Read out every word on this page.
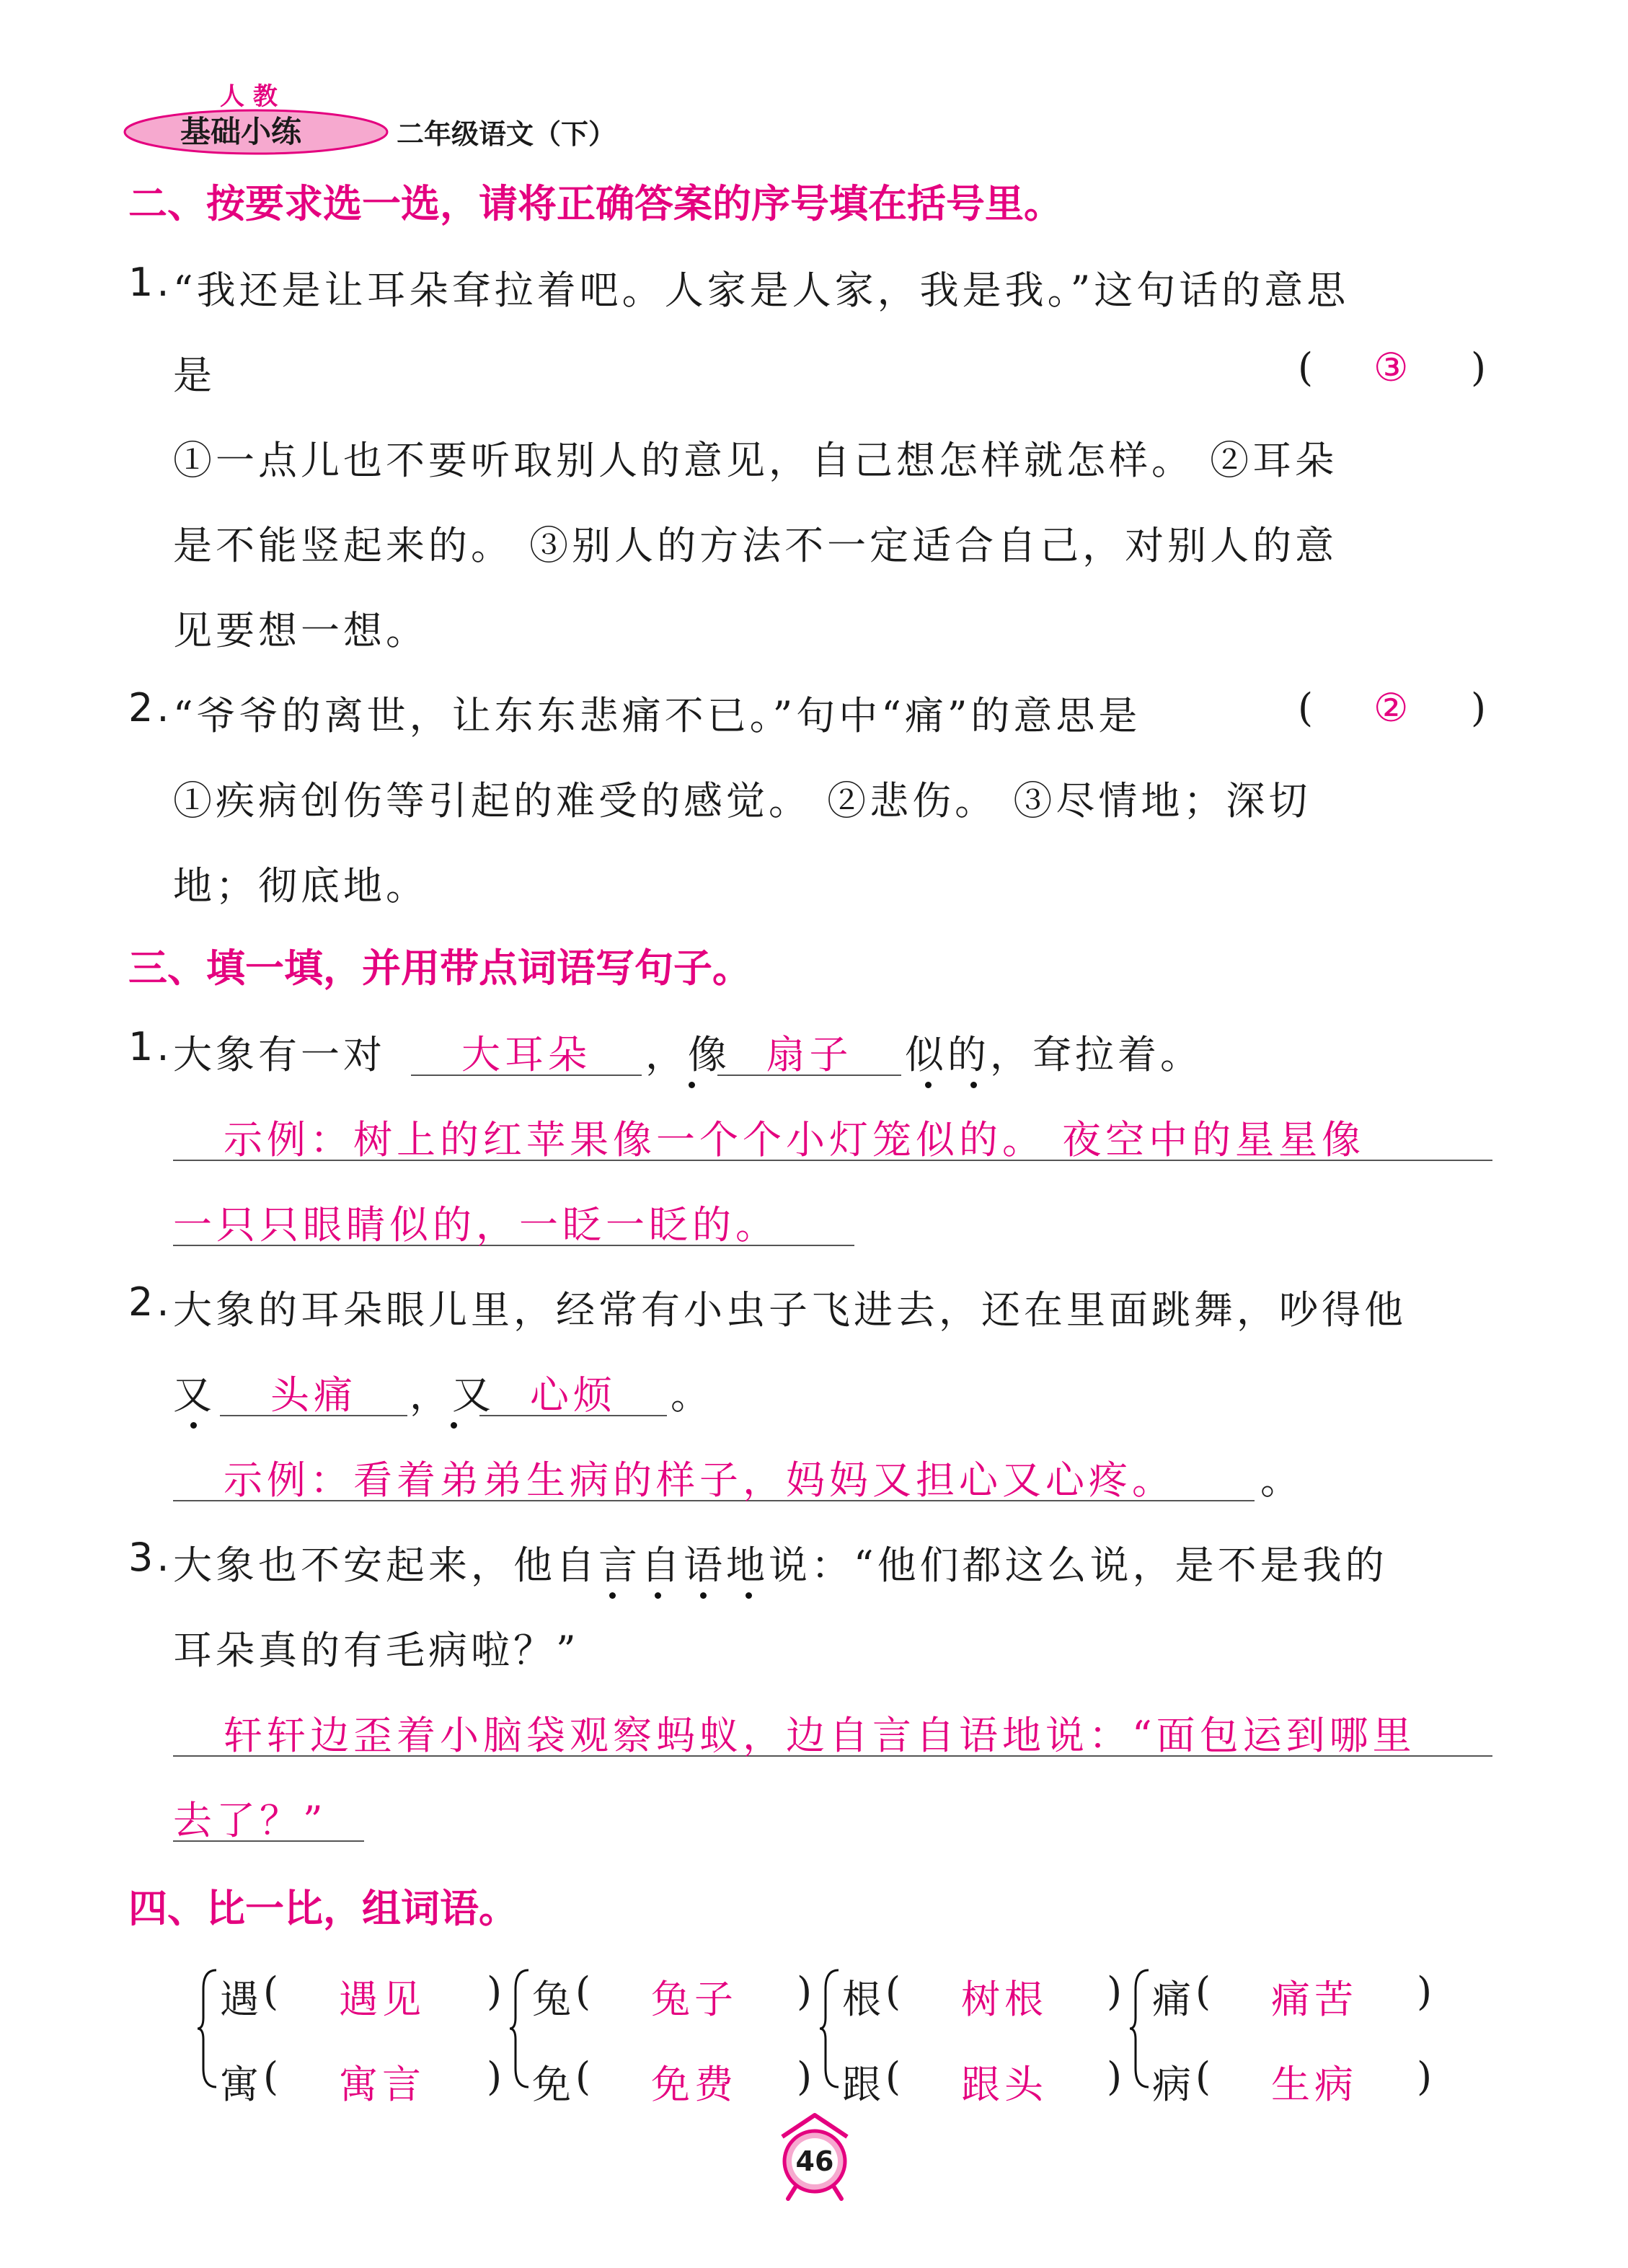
人 教
基础小练	二年级语文（下）
二、按要求选一选，请将正确答案的序号填在括号里。
1. “我还是让耳朵耷拉着吧。人家是人家，我是我。”这句话的意思
是	( ③ )
①一点儿也不要听取别人的意见，自己想怎样就怎样。 ②耳朵
是不能竖起来的。 ③别人的方法不一定适合自己，对别人的意
见要想一想。
2. “爷爷的离世，让东东悲痛不已。”句中“痛”的意思是	( ② )
①疾病创伤等引起的难受的感觉。 ②悲伤。 ③尽情地；深切
地；彻底地。
三、填一填，并用带点词语写句子。
1. 大象有一对	大耳朵	，像 扇子	似的，耷拉着。
示例：树上的红苹果像一个个小灯笼似的。 夜空中的星星像
一只只眼睛似的，一眨一眨的。
2. 大象的耳朵眼儿里，经常有小虫子飞进去，还在里面跳舞，吵得他
又	头痛	，又 心烦	。
示例：看着弟弟生病的样子，妈妈又担心又心疼。	。
3. 大象也不安起来，他自言自语地说：“他们都这么说，是不是我的
耳朵真的有毛病啦？”
轩轩边歪着小脑袋观察蚂蚁，边自言自语地说：“面包运到哪里
去了？”
四、比一比，组词语。
遇 ( 遇见 )
寓 ( 寓言 )
兔 ( 兔子 )
免 ( 免费 )
根 ( 树根 )
跟 ( 跟头 )
痛 ( 痛苦 )
病 ( 生病 )
46
